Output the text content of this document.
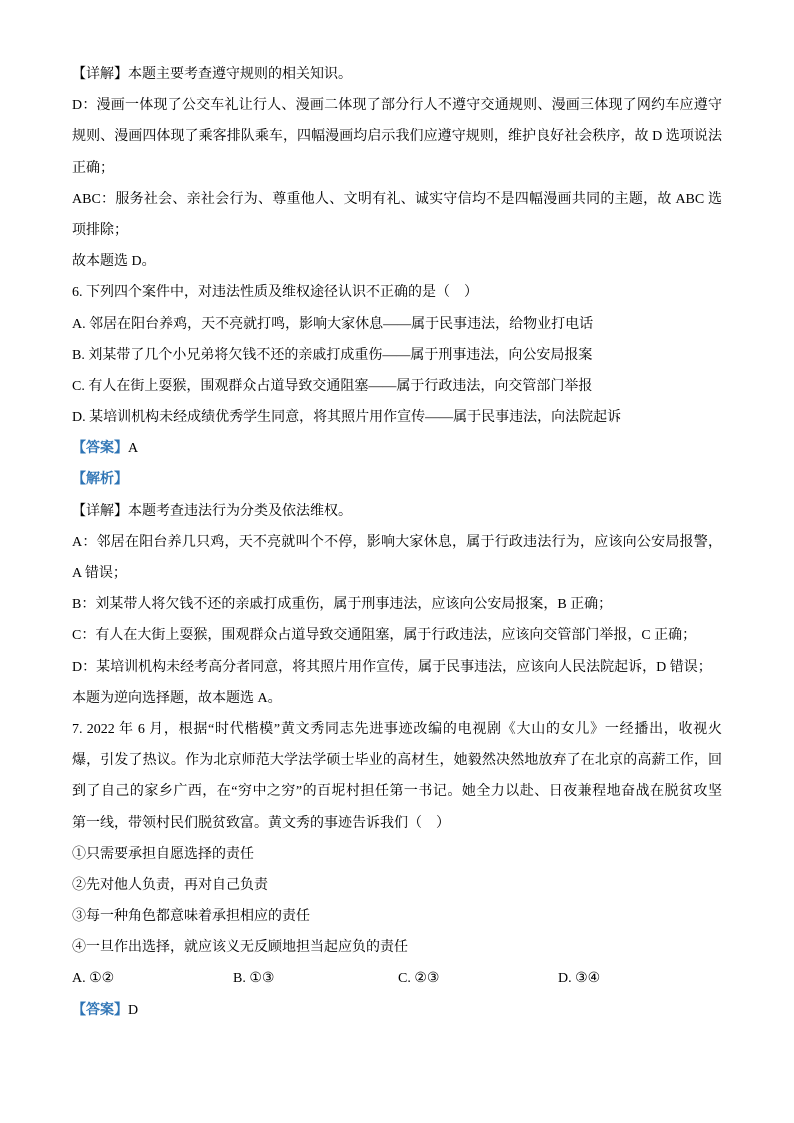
【详解】本题主要考查遵守规则的相关知识。
D：漫画一体现了公交车礼让行人、漫画二体现了部分行人不遵守交通规则、漫画三体现了网约车应遵守
规则、漫画四体现了乘客排队乘车，四幅漫画均启示我们应遵守规则，维护良好社会秩序，故 D 选项说法
正确；
ABC：服务社会、亲社会行为、尊重他人、文明有礼、诚实守信均不是四幅漫画共同的主题，故 ABC 选
项排除；
故本题选 D。
6. 下列四个案件中，对违法性质及维权途径认识不正确的是（    ）
A. 邻居在阳台养鸡，天不亮就打鸣，影响大家休息——属于民事违法，给物业打电话
B. 刘某带了几个小兄弟将欠钱不还的亲戚打成重伤——属于刑事违法，向公安局报案
C. 有人在街上耍猴，围观群众占道导致交通阻塞——属于行政违法，向交管部门举报
D. 某培训机构未经成绩优秀学生同意，将其照片用作宣传——属于民事违法，向法院起诉
【答案】A
【解析】
【详解】本题考查违法行为分类及依法维权。
A：邻居在阳台养几只鸡，天不亮就叫个不停，影响大家休息，属于行政违法行为，应该向公安局报警，
A 错误；
B：刘某带人将欠钱不还的亲戚打成重伤，属于刑事违法，应该向公安局报案，B 正确；
C：有人在大街上耍猴，围观群众占道导致交通阻塞，属于行政违法，应该向交管部门举报，C 正确；
D：某培训机构未经考高分者同意，将其照片用作宣传，属于民事违法，应该向人民法院起诉，D 错误；
本题为逆向选择题，故本题选 A。
7. 2022 年 6 月，根据“时代楷模”黄文秀同志先进事迹改编的电视剧《大山的女儿》一经播出，收视火
爆，引发了热议。作为北京师范大学法学硕士毕业的高材生，她毅然决然地放弃了在北京的高薪工作，回
到了自己的家乡广西，在“穷中之穷”的百坭村担任第一书记。她全力以赴、日夜兼程地奋战在脱贫攻坚
第一线，带领村民们脱贫致富。黄文秀的事迹告诉我们（    ）
①只需要承担自愿选择的责任
②先对他人负责，再对自己负责
③每一种角色都意味着承担相应的责任
④一旦作出选择，就应该义无反顾地担当起应负的责任

A. ①②

	B. ①③

	C. ②③

	D. ③④

【答案】D
